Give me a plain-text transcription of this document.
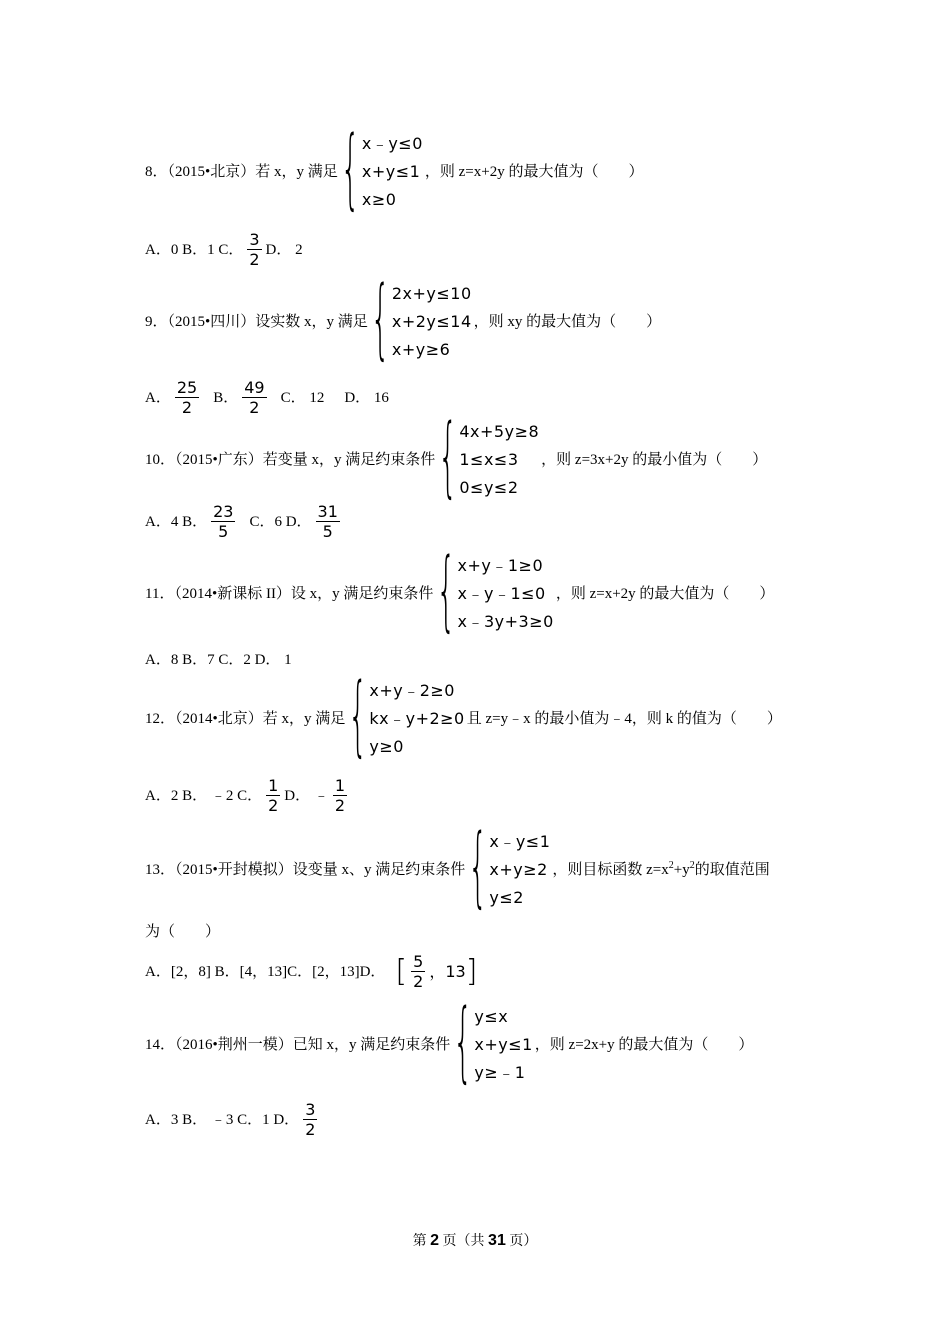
8．（2015•北京）若 x，y 满足 { x﹣y≤0
x+y≤1
x≥0
，则 z=x+2y 的最大值为（　　）
A．0 B．1 C． $\frac{3}{2}$ D． 2
9．（2015•四川）设实数 x，y 满足 { 2x+y≤10
x+2y≤14
x+y≥6
，则 xy 的最大值为（　　）
A． $\frac{25}{2}$ B． $\frac{49}{2}$ C． 12 D． 16
10．（2015•广东）若变量 x，y 满足约束条件 { 4x+5y≥8
1≤x≤3
0≤y≤2
，则 z=3x+2y 的最小值为（　　）
A．4 B． $\frac{23}{5}$ C．6 D． $\frac{31}{5}$
11．（2014•新课标 II）设 x，y 满足约束条件 { x+y﹣1≥0
x﹣y﹣1≤0
x﹣3y+3≥0
，则 z=x+2y 的最大值为（　　）
A．8 B．7 C．2 D． 1
12．（2014•北京）若 x，y 满足 { x+y﹣2≥0
kx﹣y+2≥0
y≥0
且 z=y﹣x 的最小值为﹣4，则 k 的值为（　　）
A．2 B． ﹣2 C． $\frac{1}{2}$ D． ﹣ $\frac{1}{2}$
13．（2015•开封模拟）设变量 x、y 满足约束条件 { x﹣y≤1
x+y≥2
y≤2
，则目标函数 $z=x^2+y^2$的取值范围
为（　　）
A．[2，8] B．[4，13]C．[2，13]D． [ $\frac{5}{2}$ ，13 ]
14．（2016•荆州一模）已知 x，y 满足约束条件 { y≤x
x+y≤1
y≥﹣1
，则 z=2x+y 的最大值为（　　）
A．3 B． ﹣3 C．1 D． $\frac{3}{2}$
第 2 页（共 31 页）
